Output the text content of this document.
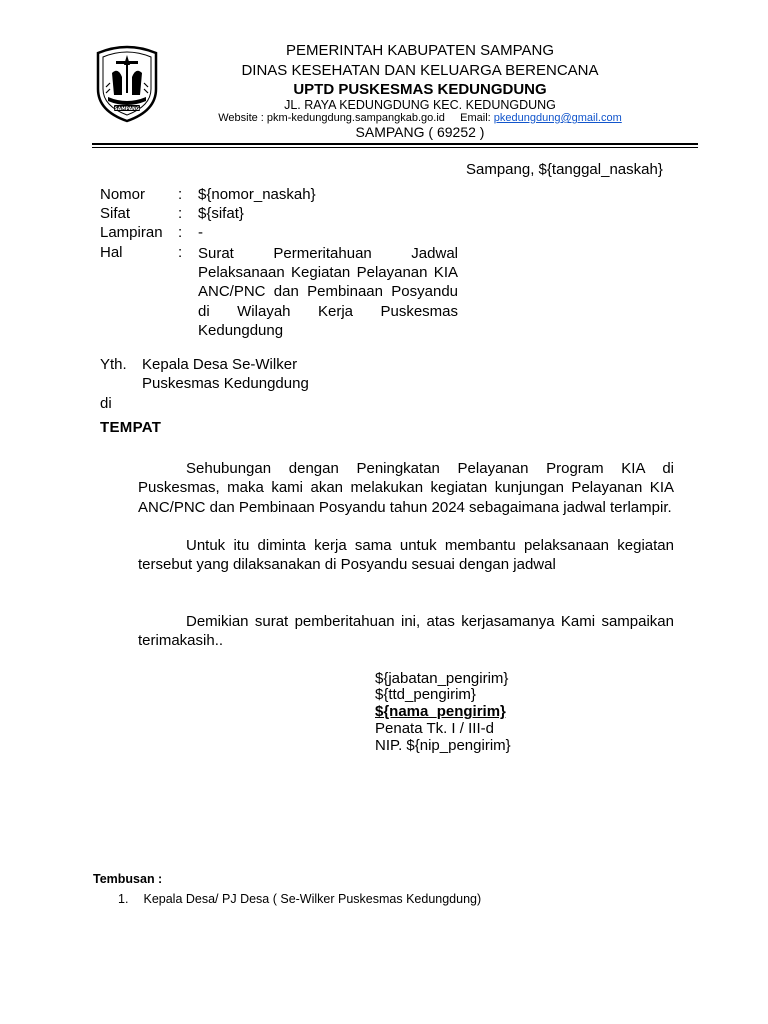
SAMPANG
PEMERINTAH KABUPATEN SAMPANG
DINAS KESEHATAN DAN KELUARGA BERENCANA
UPTD PUSKESMAS KEDUNGDUNG
JL. RAYA KEDUNGDUNG KEC. KEDUNGDUNG
Website : pkm-kedungdung.sampangkab.go.id Email: pkedungdung@gmail.com
SAMPANG ( 69252 )
Sampang, ${tanggal_naskah}
Nomor	: ${nomor_naskah}
Sifat	: ${sifat}
Lampiran	: -
Hal	: Surat Permeritahuan Jadwal Pelaksanaan Kegiatan Pelayanan KIA ANC/PNC dan Pembinaan Posyandu di Wilayah Kerja Puskesmas Kedungdung
Yth. Kepala Desa Se-Wilker
Puskesmas Kedungdung
di
TEMPAT
Sehubungan dengan Peningkatan Pelayanan Program KIA di Puskesmas, maka kami akan melakukan kegiatan kunjungan Pelayanan KIA ANC/PNC dan Pembinaan Posyandu tahun 2024 sebagaimana jadwal terlampir.
Untuk itu diminta kerja sama untuk membantu pelaksanaan kegiatan tersebut yang dilaksanakan di Posyandu sesuai dengan jadwal
Demikian surat pemberitahuan ini, atas kerjasamanya Kami sampaikan terimakasih..
${jabatan_pengirim}
${ttd_pengirim}
${nama_pengirim}
Penata Tk. I / III-d
NIP. ${nip_pengirim}
Tembusan :
1. Kepala Desa/ PJ Desa ( Se-Wilker Puskesmas Kedungdung)
